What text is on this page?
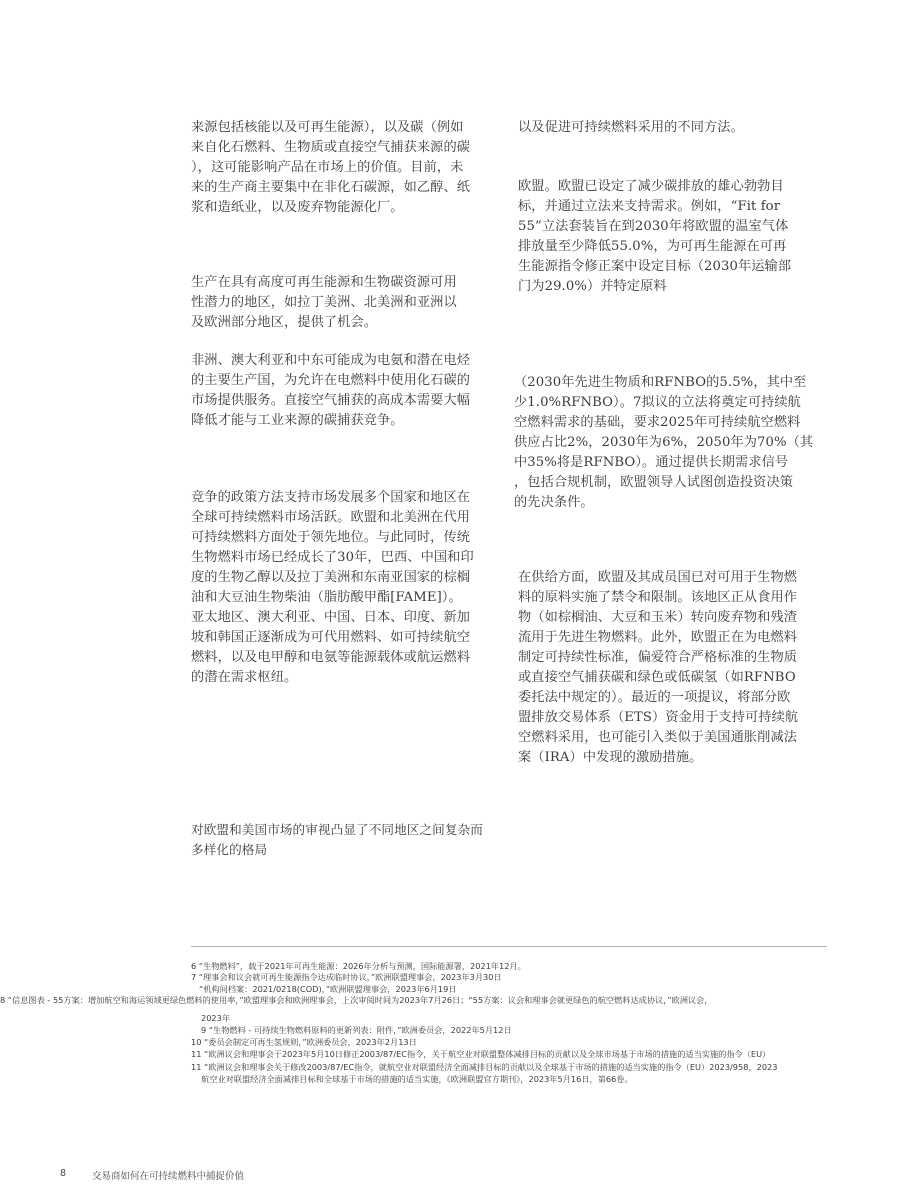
来源包括核能以及可再生能源），以及碳（例如
来自化石燃料、生物质或直接空气捕获来源的碳
），这可能影响产品在市场上的价值。目前，未
来的生产商主要集中在非化石碳源，如乙醇、纸
浆和造纸业，以及废弃物能源化厂。
生产在具有高度可再生能源和生物碳资源可用
性潜力的地区，如拉丁美洲、北美洲和亚洲以
及欧洲部分地区，提供了机会。
非洲、澳大利亚和中东可能成为电氨和潜在电烃
的主要生产国，为允许在电燃料中使用化石碳的
市场提供服务。直接空气捕获的高成本需要大幅
降低才能与工业来源的碳捕获竞争。
竞争的政策方法支持市场发展多个国家和地区在
全球可持续燃料市场活跃。欧盟和北美洲在代用
可持续燃料方面处于领先地位。与此同时，传统
生物燃料市场已经成长了30年，巴西、中国和印
度的生物乙醇以及拉丁美洲和东南亚国家的棕榈
油和大豆油生物柴油（脂肪酸甲酯[FAME]）。
亚太地区、澳大利亚、中国、日本、印度、新加
坡和韩国正逐渐成为可代用燃料、如可持续航空
燃料，以及电甲醇和电氨等能源载体或航运燃料
的潜在需求枢纽。
对欧盟和美国市场的审视凸显了不同地区之间复杂而
多样化的格局
以及促进可持续燃料采用的不同方法。
欧盟。欧盟已设定了减少碳排放的雄心勃勃目
标，并通过立法来支持需求。例如，“Fit for
55”立法套装旨在到2030年将欧盟的温室气体
排放量至少降低55.0%，为可再生能源在可再
生能源指令修正案中设定目标（2030年运输部
门为29.0%）并特定原料
（2030年先进生物质和RFNBO的5.5%，其中至
少1.0%RFNBO）。7拟议的立法将奠定可持续航
空燃料需求的基础，要求2025年可持续航空燃料
供应占比2%，2030年为6%，2050年为70%（其
中35%将是RFNBO）。通过提供长期需求信号
，包括合规机制，欧盟领导人试图创造投资决策
的先决条件。
在供给方面，欧盟及其成员国已对可用于生物燃
料的原料实施了禁令和限制。该地区正从食用作
物（如棕榈油、大豆和玉米）转向废弃物和残渣
流用于先进生物燃料。此外，欧盟正在为电燃料
制定可持续性标准，偏爱符合严格标准的生物质
或直接空气捕获碳和绿色或低碳氢（如RFNBO
委托法中规定的）。最近的一项提议，将部分欧
盟排放交易体系（ETS）资金用于支持可持续航
空燃料采用，也可能引入类似于美国通胀削减法
案（IRA）中发现的激励措施。
6 “生物燃料”，载于2021年可再生能源：2026年分析与预测，国际能源署，2021年12月。
7 “理事会和议会就可再生能源指令达成临时协议，”欧洲联盟理事会，2023年3月30日
“机构间档案：2021/0218(COD)，”欧洲联盟理事会，2023年6月19日
8 “信息图表 - 55方案：增加航空和海运领域更绿色燃料的使用率，”欧盟理事会和欧洲理事会，上次审阅时间为2023年7月26日；“55方案：议会和理事会就更绿色的航空燃料达成协议，”欧洲议会，
2023年
9 “生物燃料 - 可持续生物燃料原料的更新列表：附件，”欧洲委员会，2022年5月12日
10 “委员会制定可再生氢规则，”欧洲委员会，2023年2月13日
11 “欧洲议会和理事会于2023年5月10日修正2003/87/EC指令，关于航空业对联盟整体减排目标的贡献以及全球市场基于市场的措施的适当实施的指令（EU）
11 “欧洲议会和理事会关于修改2003/87/EC指令，就航空业对联盟经济全面减排目标的贡献以及全球基于市场的措施的适当实施的指令（EU）2023/958，2023
航空业对联盟经济全面减排目标和全球基于市场的措施的适当实施，《欧洲联盟官方期刊》，2023年5月16日，第66卷。
8	交易商如何在可持续燃料中捕捉价值
